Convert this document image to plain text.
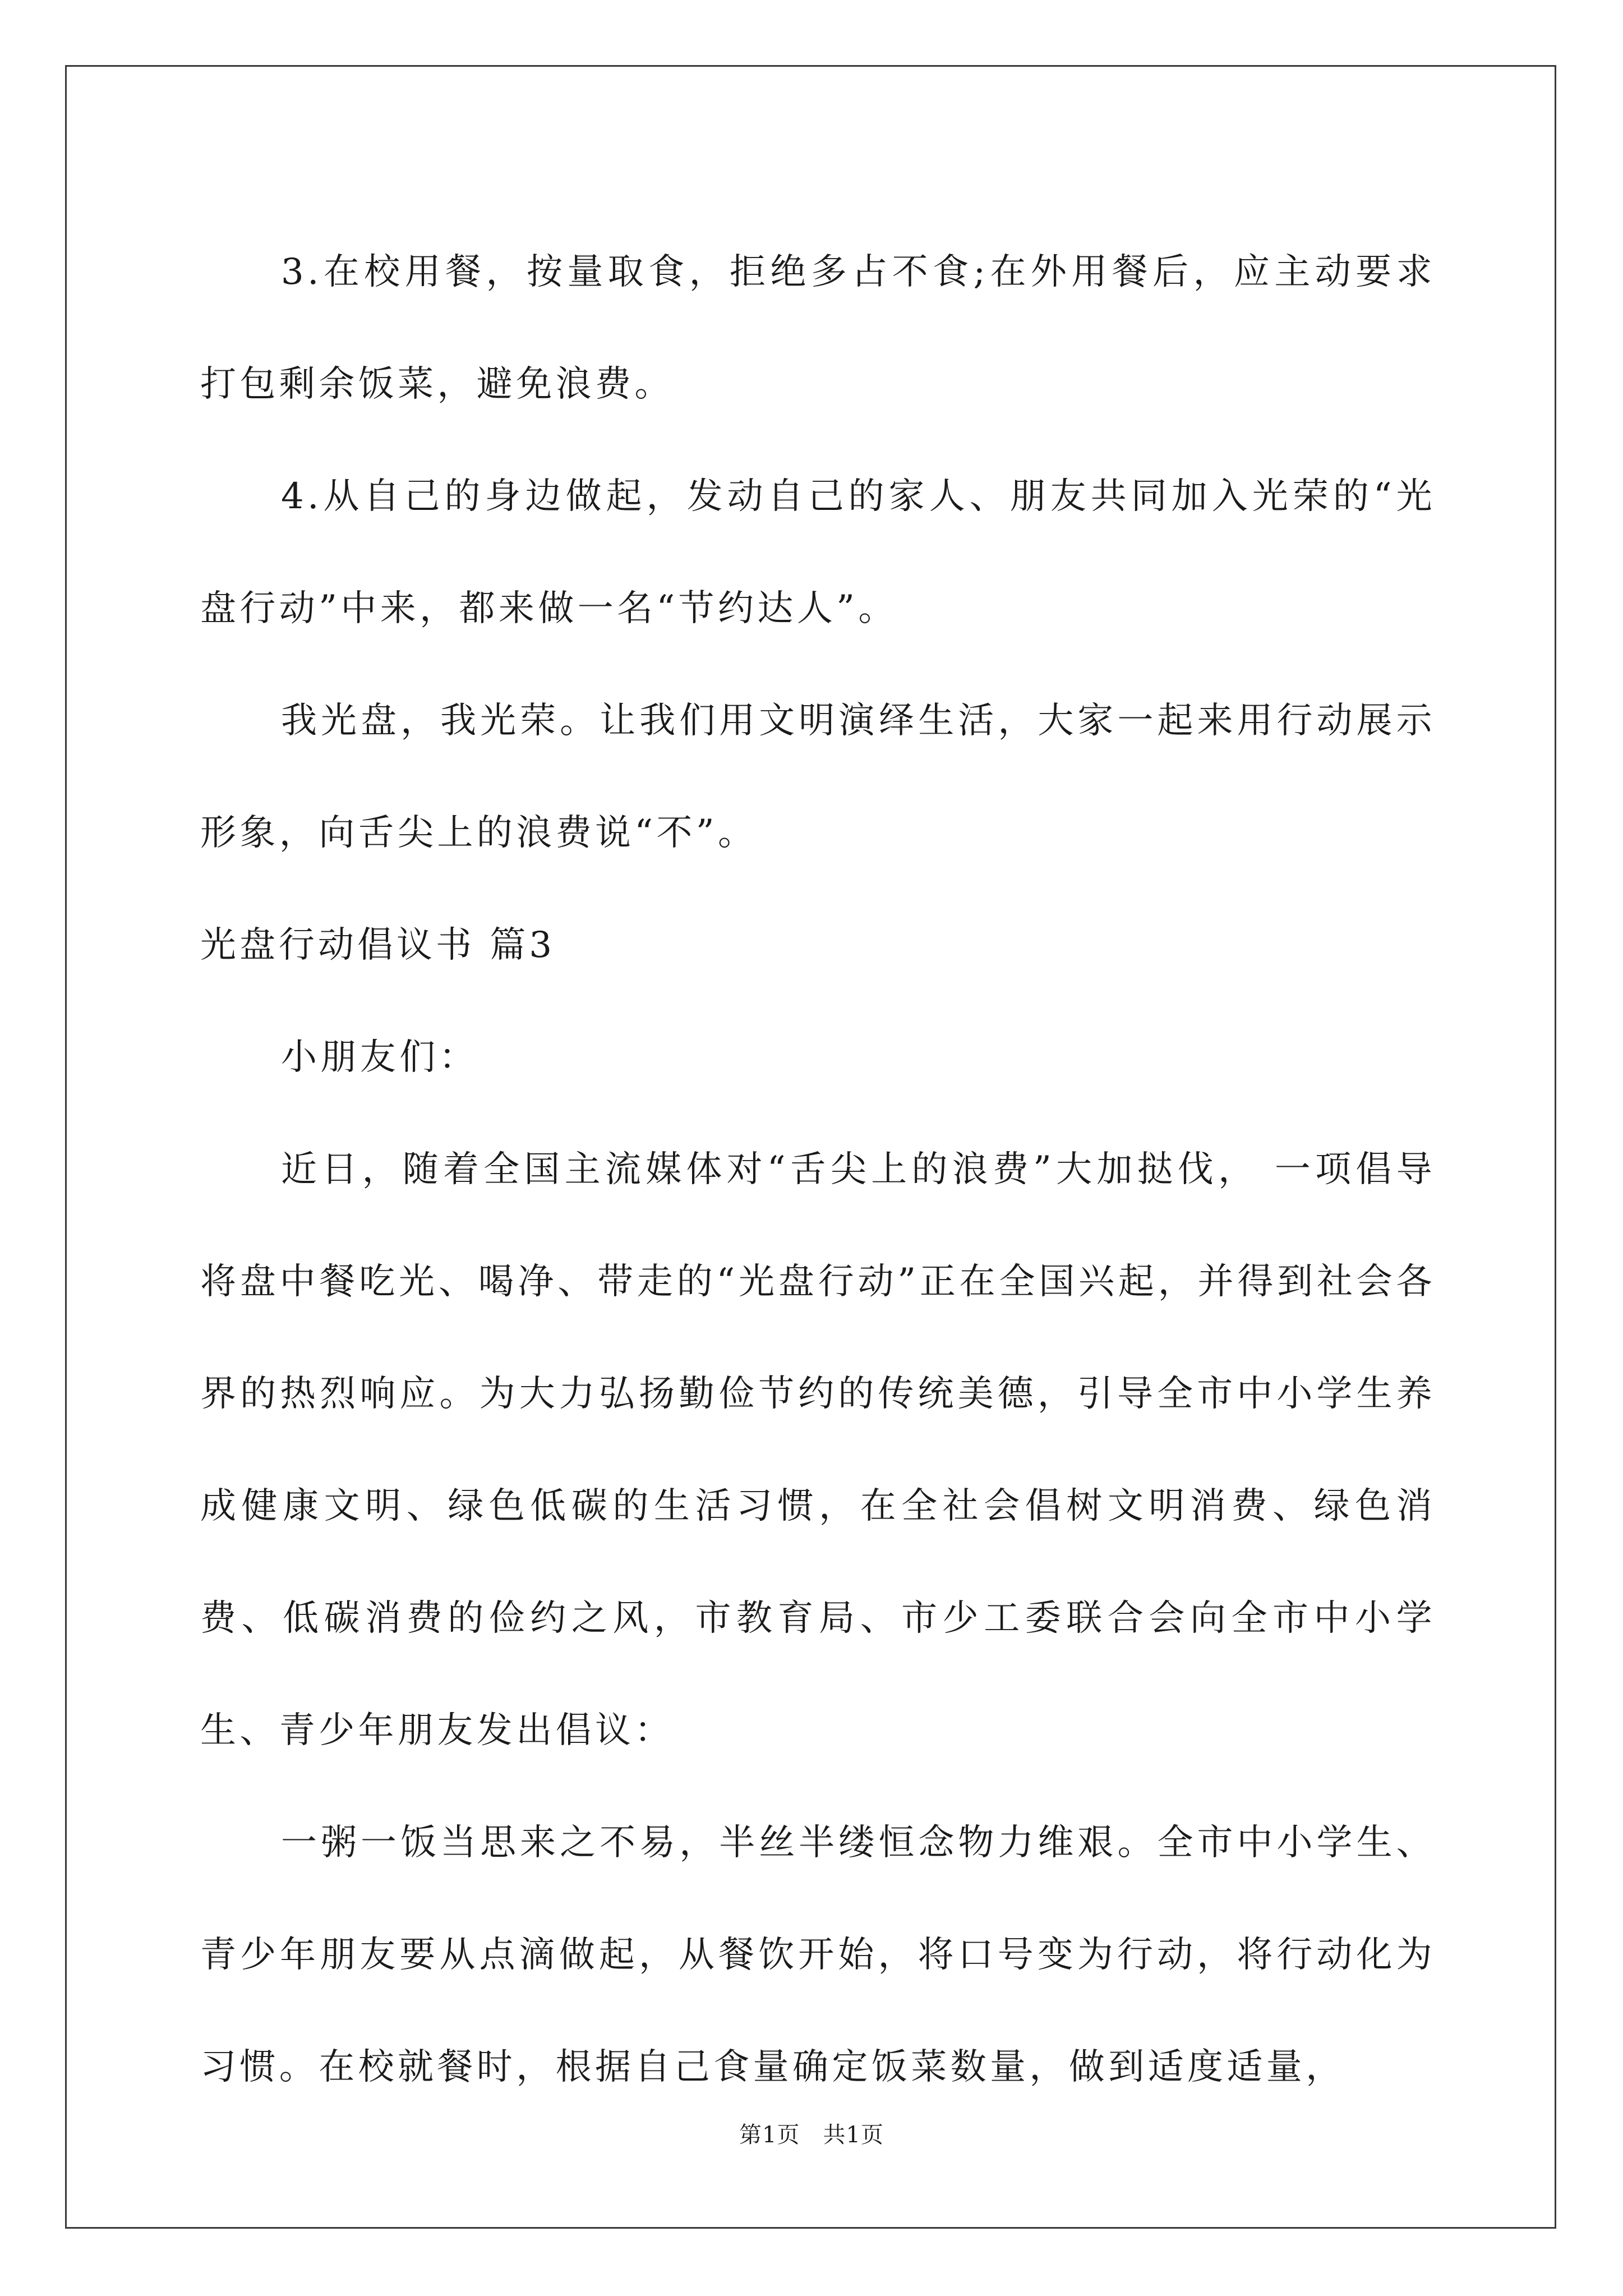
3.在校用餐，按量取食，拒绝多占不食;在外用餐后，应主动要求打包剩余饭菜，避免浪费。

4.从自己的身边做起，发动自己的家人、朋友共同加入光荣的“光盘行动”中来，都来做一名“节约达人”。

我光盘，我光荣。让我们用文明演绎生活，大家一起来用行动展示形象，向舌尖上的浪费说“不”。

光盘行动倡议书 篇3

小朋友们：

近日，随着全国主流媒体对“舌尖上的浪费”大加挞伐， 一项倡导将盘中餐吃光、喝净、带走的“光盘行动”正在全国兴起，并得到社会各界的热烈响应。为大力弘扬勤俭节约的传统美德，引导全市中小学生养成健康文明、绿色低碳的生活习惯，在全社会倡树文明消费、绿色消费、低碳消费的俭约之风，市教育局、市少工委联合会向全市中小学生、青少年朋友发出倡议：

一粥一饭当思来之不易，半丝半缕恒念物力维艰。全市中小学生、青少年朋友要从点滴做起，从餐饮开始，将口号变为行动，将行动化为习惯。在校就餐时，根据自己食量确定饭菜数量，做到适度适量，

第1页　共1页
